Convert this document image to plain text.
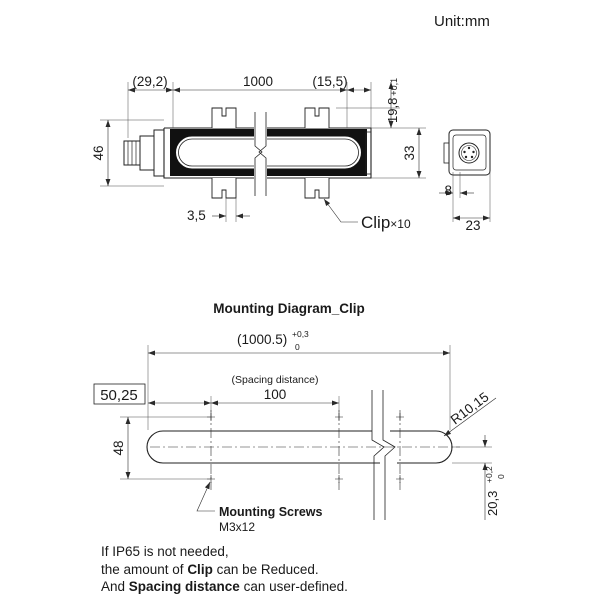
Unit:mm
(29,2)	1000	(15,5)
46
19,8+0,1
33
3,5	Clip×10
8
23
Mounting Diagram_Clip
(1000.5) +0,3
0
(Spacing distance)
50,25	100
48
R10,15
20,3
+0,2 0
Mounting Screws
M3x12
If IP65 is not needed,
the amount of Clip can be Reduced.
And Spacing distance can user-defined.
